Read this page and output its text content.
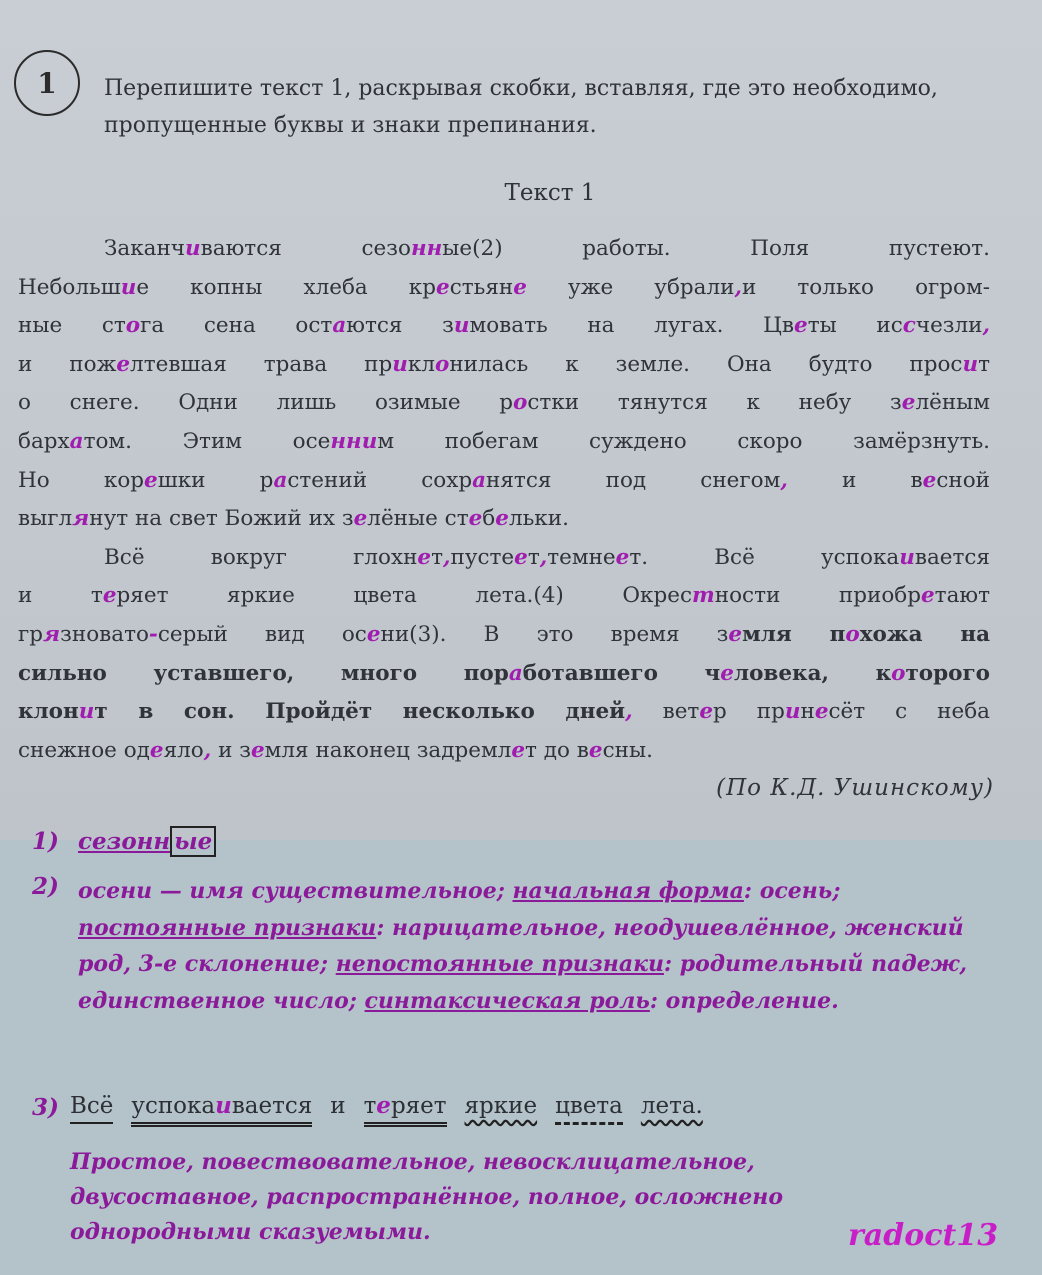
1	Перепишите текст 1, раскрывая скобки, вставляя, где это необходимо, пропущенные буквы и знаки препинания.
Текст 1
Заканчиваются сезонные(2) работы. Поля пустеют.
Небольшие копны хлеба крестьяне уже убрали,и только огром-
ные стога сена остаются зимовать на лугах. Цветы иссчезли,
и пожелтевшая трава приклонилась к земле. Она будто просит
о снеге. Одни лишь озимые ростки тянутся к небу зелёным
бархатом. Этим осенним побегам суждено скоро замёрзнуть.
Но корешки растений сохранятся под снегом, и весной
выглянут на свет Божий их зелёные стебельки.
Всё вокруг глохнет,пустеет,темнеет. Всё успокаивается
и теряет яркие цвета лета.(4) Окрестности приобретают
грязновато-серый вид осени(3). В это время земля похожа на
сильно уставшего, много поработавшего человека, которого
клонит в сон. Пройдёт несколько дней, ветер принесёт с неба
снежное одеяло, и земля наконец задремлет до весны.
(По К.Д. Ушинскому)
1) сезонн ые
2) осени — имя существительное; начальная форма: осень; постоянные признаки: нарицательное, неодушевлённое, женский род, 3-е склонение; непостоянные признаки: родительный падеж, единственное число; синтаксическая роль: определение.
3) Всё успокаивается и теряет яркие цвета лета.
Простое, повествовательное, невосклицательное, двусоставное, распространённое, полное, осложнено однородными сказуемыми.	radoct13
